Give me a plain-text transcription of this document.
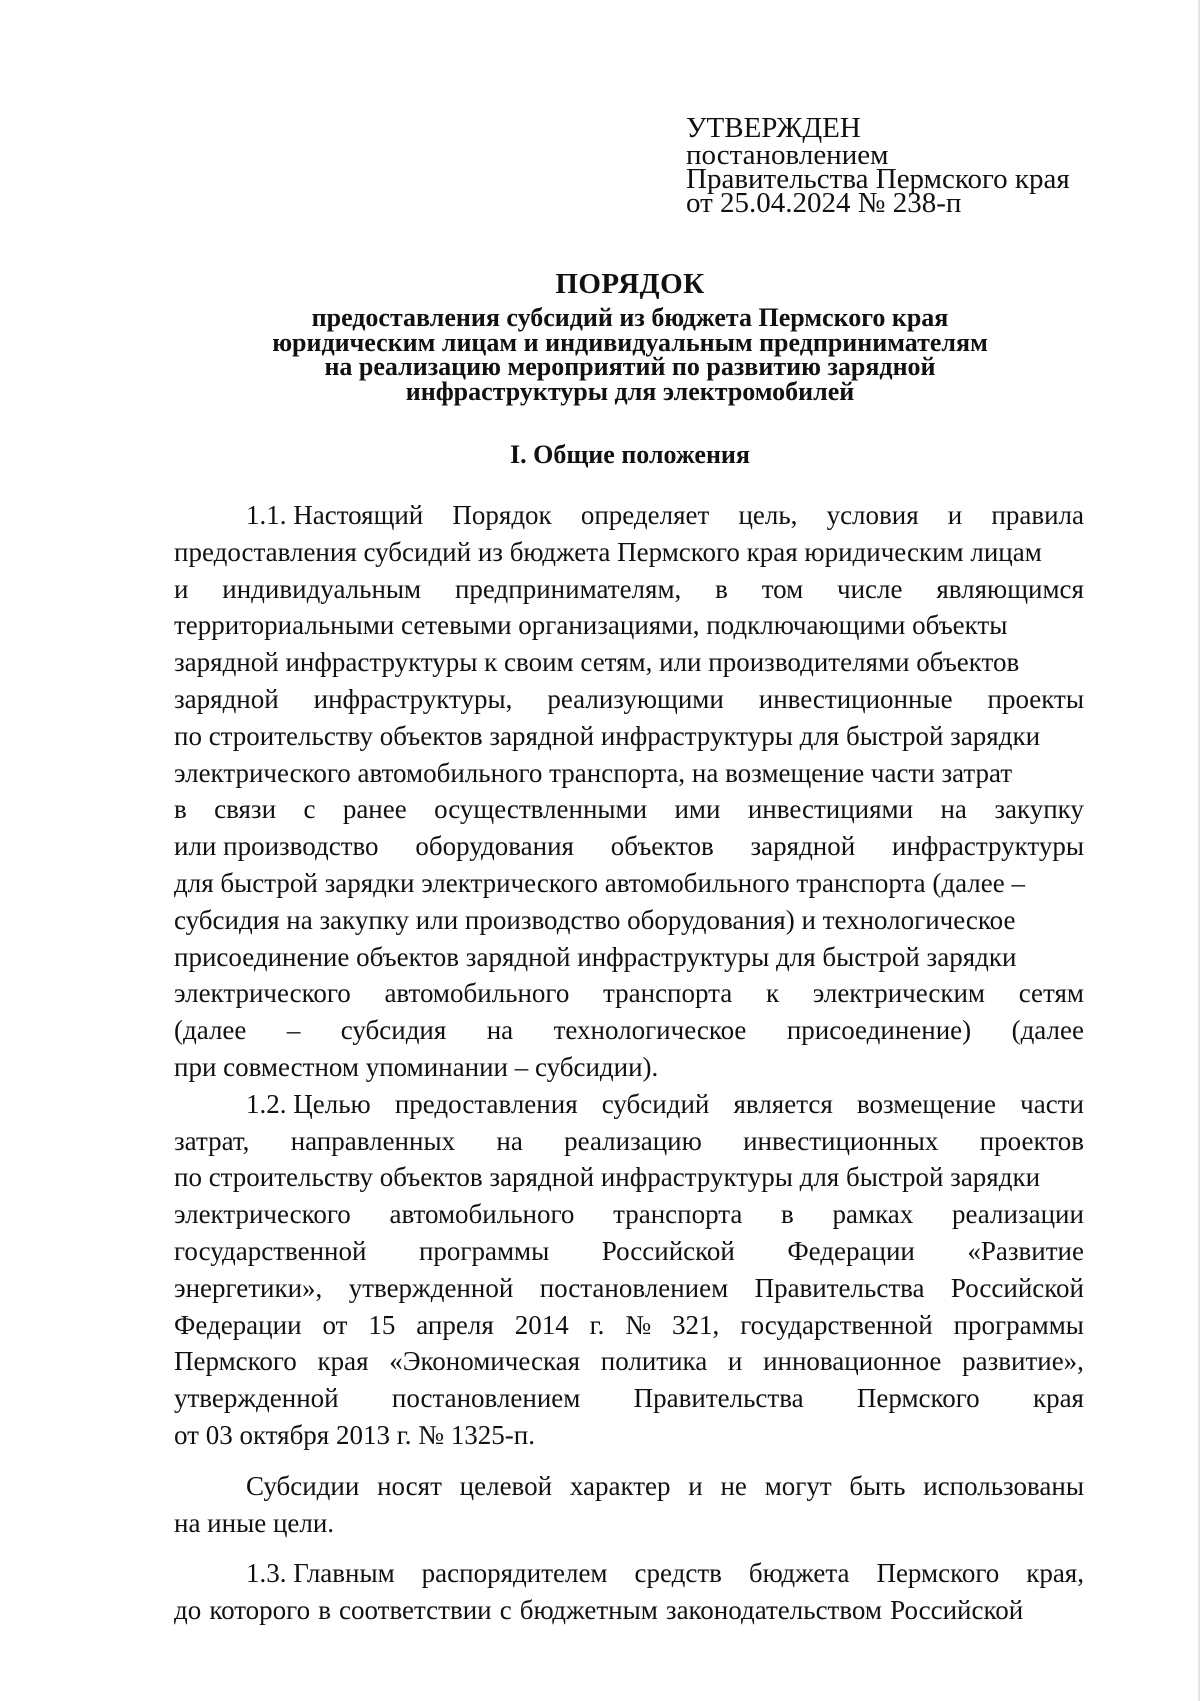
УТВЕРЖДЕН
постановлением
Правительства Пермского края
от 25.04.2024 № 238-п
ПОРЯДОК
предоставления субсидий из бюджета Пермского края
юридическим лицам и индивидуальным предпринимателям
на реализацию мероприятий по развитию зарядной
инфраструктуры для электромобилей
I. Общие положения
1.1. Настоящий Порядок определяет цель, условия и правила
предоставления субсидий из бюджета Пермского края юридическим лицам
и индивидуальным предпринимателям, в том числе являющимся
территориальными сетевыми организациями, подключающими объекты
зарядной инфраструктуры к своим сетям, или производителями объектов
зарядной инфраструктуры, реализующими инвестиционные проекты
по строительству объектов зарядной инфраструктуры для быстрой зарядки
электрического автомобильного транспорта, на возмещение части затрат
в связи с ранее осуществленными ими инвестициями на закупку
или производство оборудования объектов зарядной инфраструктуры
для быстрой зарядки электрического автомобильного транспорта (далее –
субсидия на закупку или производство оборудования) и технологическое
присоединение объектов зарядной инфраструктуры для быстрой зарядки
электрического автомобильного транспорта к электрическим сетям
(далее – субсидия на технологическое присоединение) (далее
при совместном упоминании – субсидии).
1.2. Целью предоставления субсидий является возмещение части
затрат, направленных на реализацию инвестиционных проектов
по строительству объектов зарядной инфраструктуры для быстрой зарядки
электрического автомобильного транспорта в рамках реализации
государственной программы Российской Федерации «Развитие
энергетики», утвержденной постановлением Правительства Российской
Федерации от 15 апреля 2014 г. № 321, государственной программы
Пермского края «Экономическая политика и инновационное развитие»,
утвержденной постановлением Правительства Пермского края
от 03 октября 2013 г. № 1325-п.
Субсидии носят целевой характер и не могут быть использованы
на иные цели.
1.3. Главным распорядителем средств бюджета Пермского края,
до которого в соответствии с бюджетным законодательством Российской
